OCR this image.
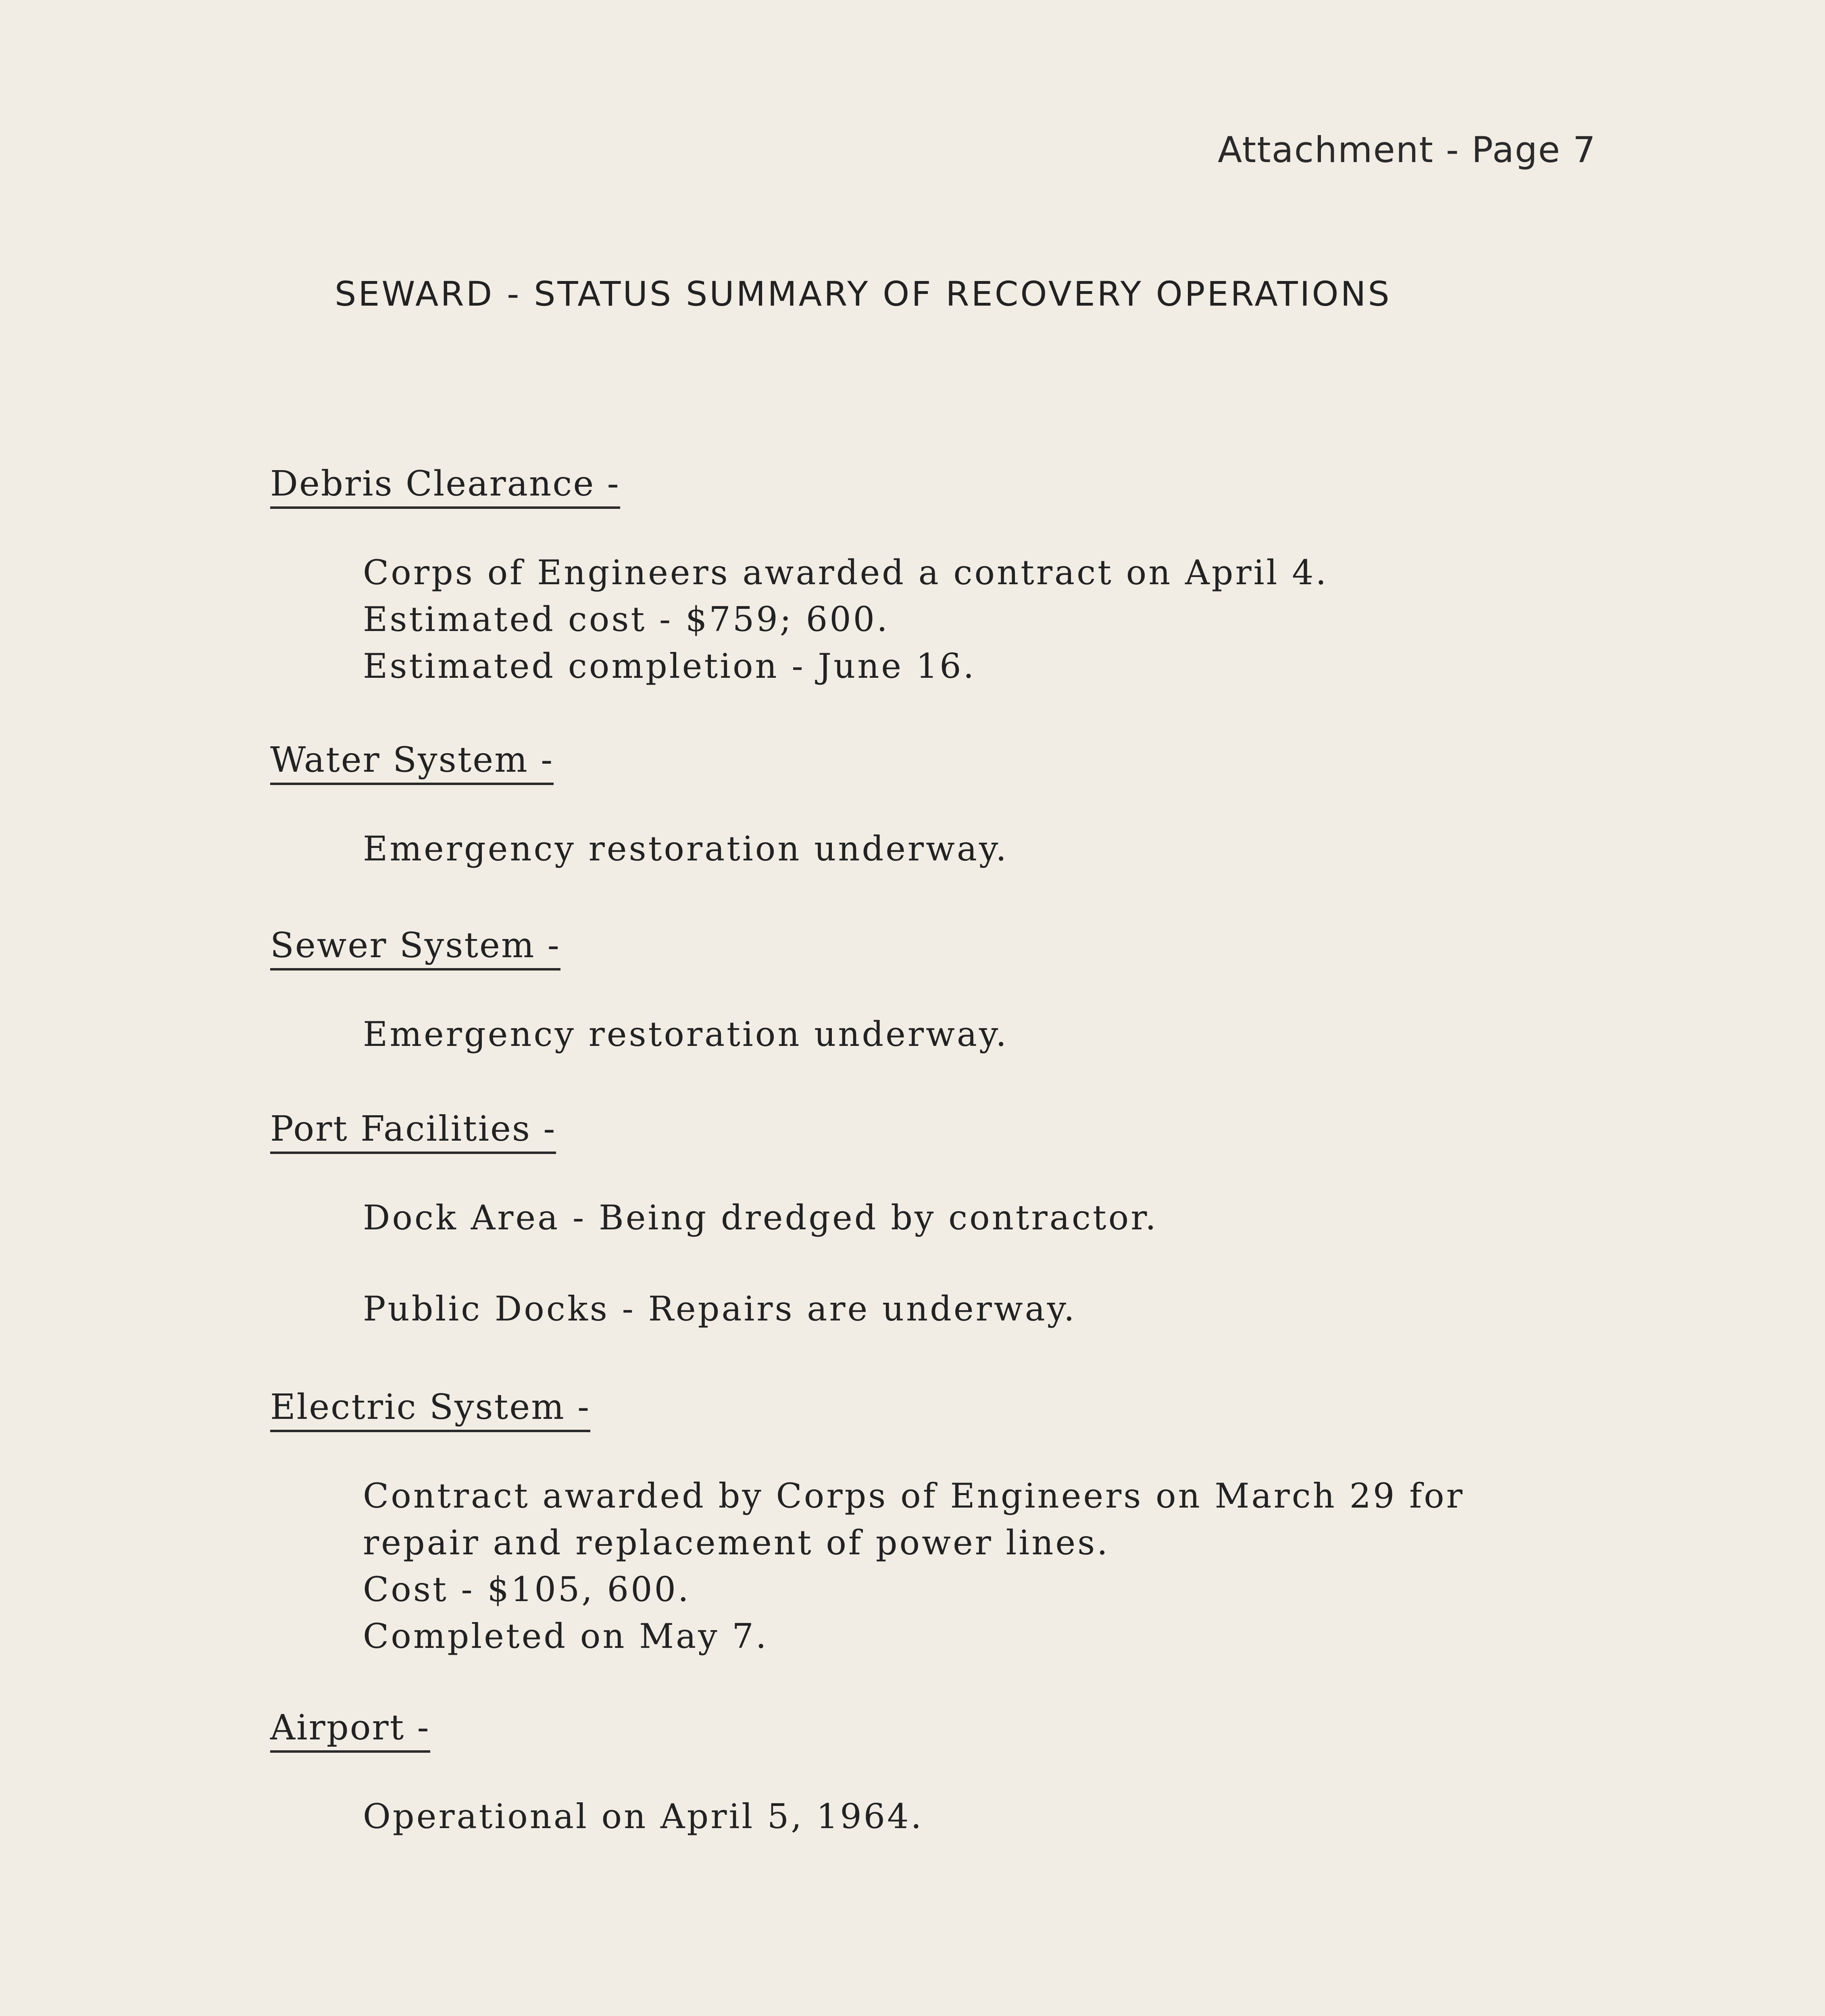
Attachment - Page 7
SEWARD - STATUS SUMMARY OF RECOVERY OPERATIONS
Debris Clearance -
Corps of Engineers awarded a contract on April 4.
Estimated cost - $759; 600.
Estimated completion - June 16.
Water System -
Emergency restoration underway.
Sewer System -
Emergency restoration underway.
Port Facilities -
Dock Area - Being dredged by contractor.
Public Docks - Repairs are underway.
Electric System -
Contract awarded by Corps of Engineers on March 29 for
repair and replacement of power lines.
Cost - $105, 600.
Completed on May 7.
Airport -
Operational on April 5, 1964.
